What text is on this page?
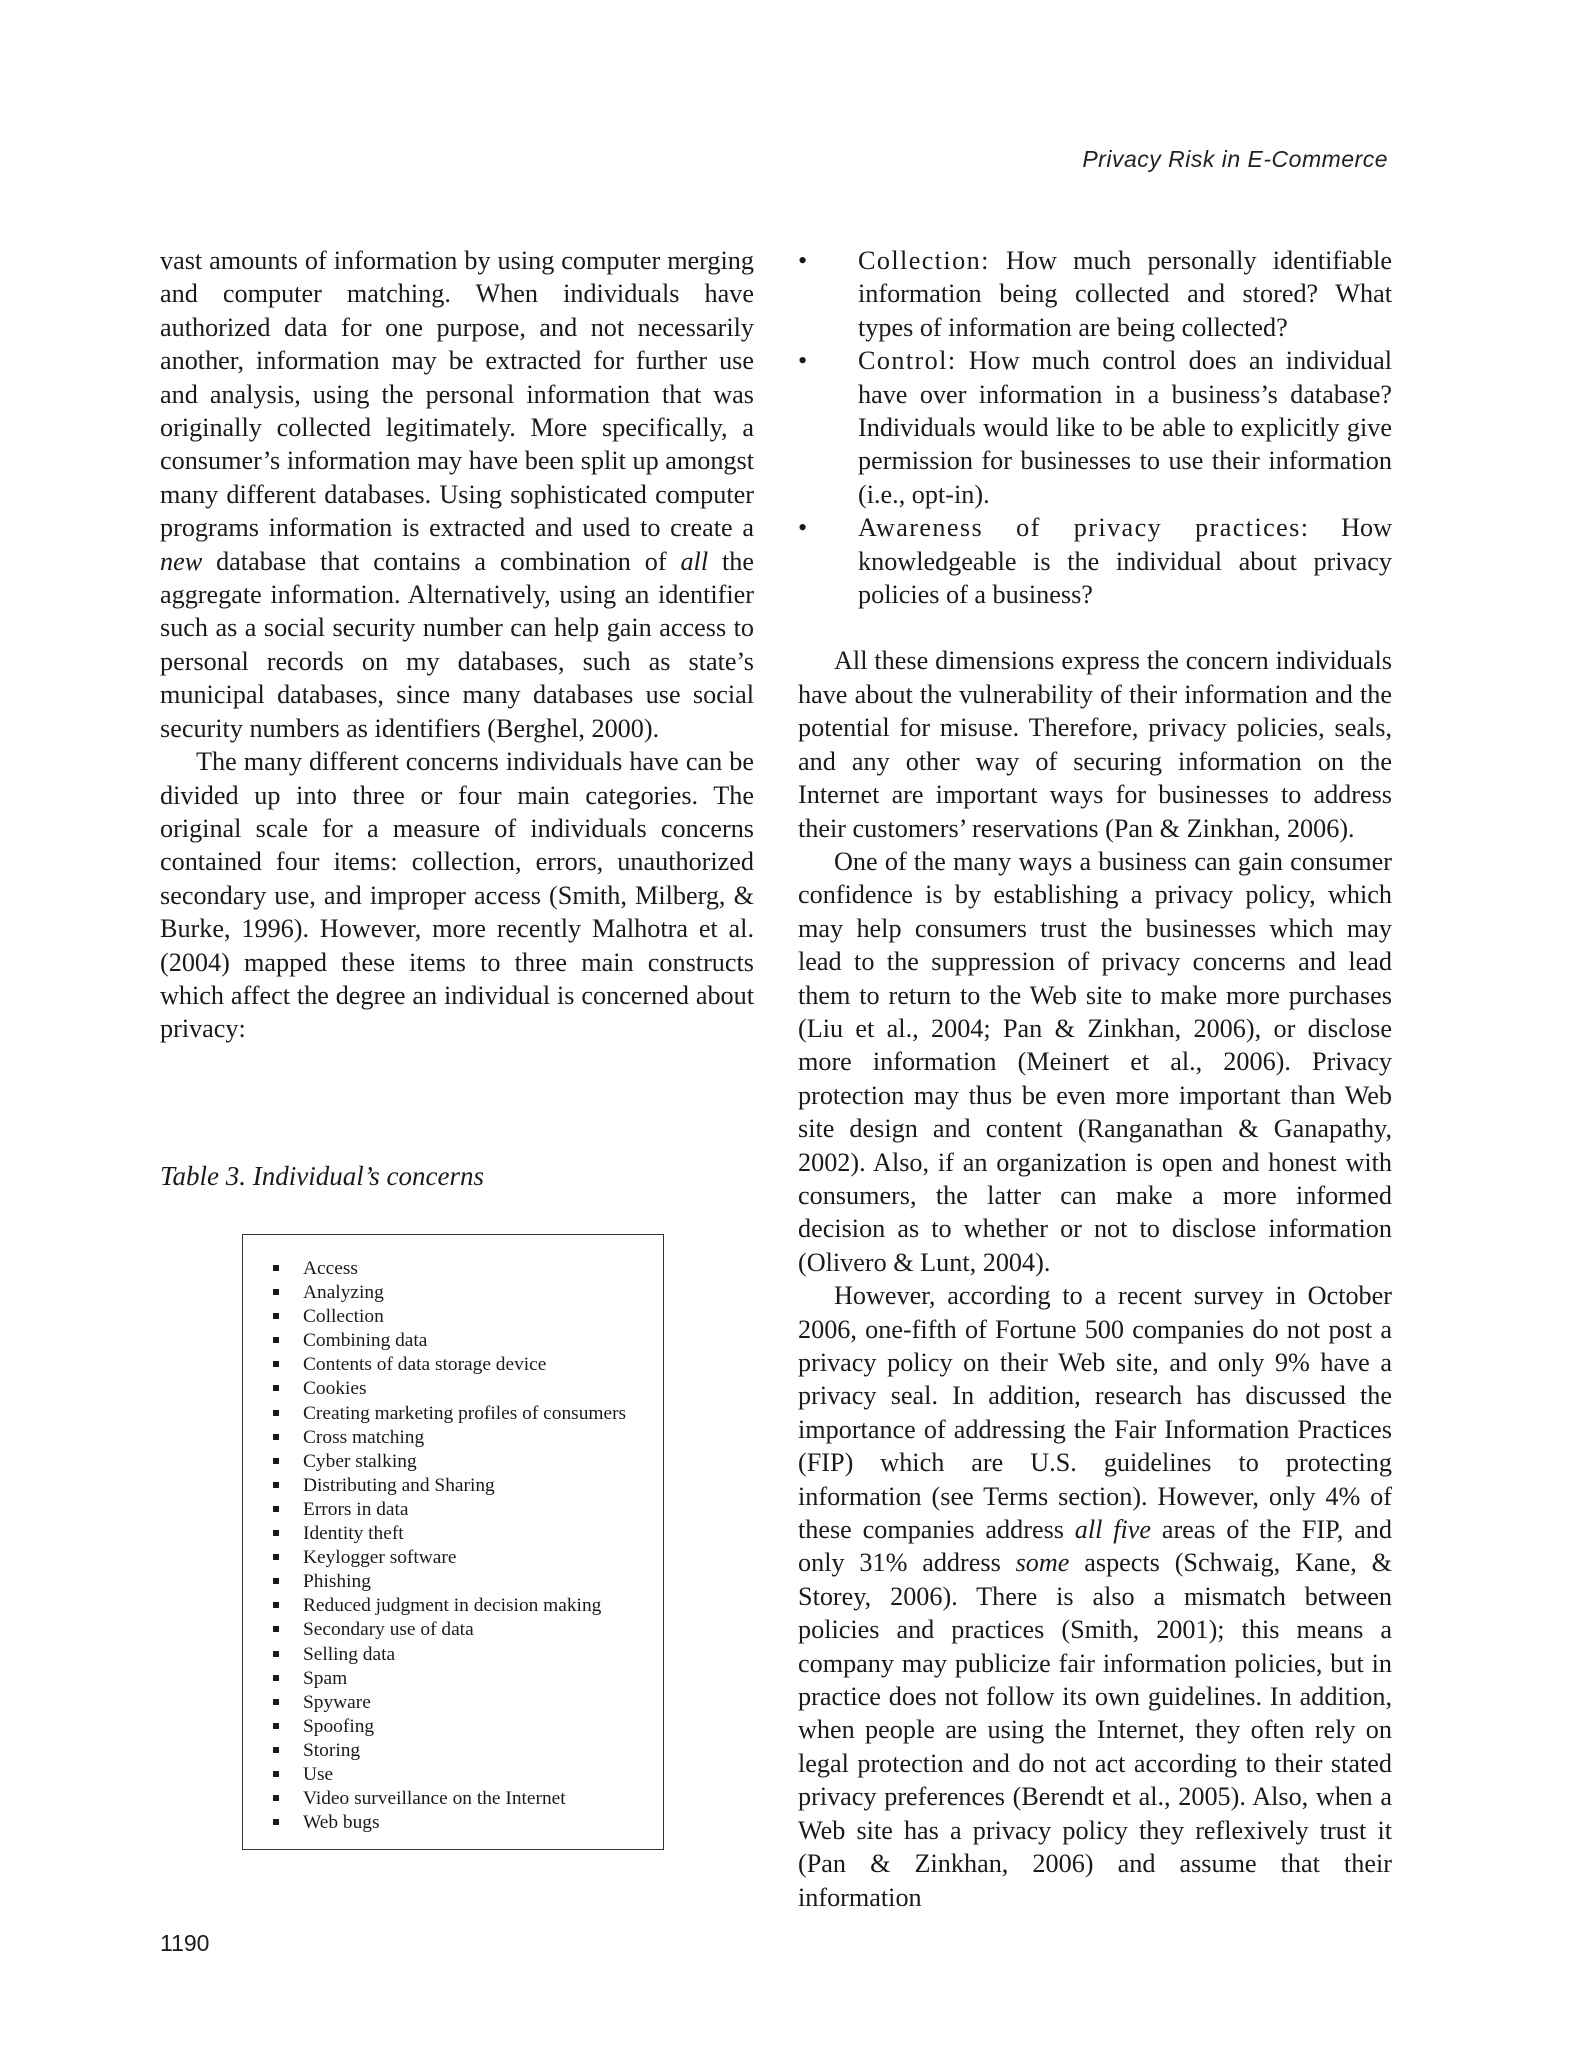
Privacy Risk in E-Commerce

vast amounts of information by using computer merging and computer matching. When individuals have authorized data for one purpose, and not necessarily another, information may be extracted for further use and analysis, using the personal information that was originally collected legitimately. More specifically, a consumer’s information may have been split up amongst many different databases. Using sophisticated computer programs information is extracted and used to create a new database that contains a combination of all the aggregate information. Alternatively, using an identifier such as a social security number can help gain access to personal records on my databases, such as state’s municipal databases, since many databases use social security numbers as identifiers (Berghel, 2000).

The many different concerns individuals have can be divided up into three or four main categories. The original scale for a measure of individuals concerns contained four items: collection, errors, unauthorized secondary use, and improper access (Smith, Milberg, & Burke, 1996). However, more recently Malhotra et al. (2004) mapped these items to three main constructs which affect the degree an individual is concerned about privacy:

Table 3. Individual’s concerns
Access
Analyzing
Collection
Combining data
Contents of data storage device
Cookies
Creating marketing profiles of consumers
Cross matching
Cyber stalking
Distributing and Sharing
Errors in data
Identity theft
Keylogger software
Phishing
Reduced judgment in decision making
Secondary use of data
Selling data
Spam
Spyware
Spoofing
Storing
Use
Video surveillance on the Internet
Web bugs
• Collection: How much personally identifiable information being collected and stored? What types of information are being collected?
• Control: How much control does an individual have over information in a business’s database? Individuals would like to be able to explicitly give permission for businesses to use their information (i.e., opt-in).
• Awareness of privacy practices: How knowledgeable is the individual about privacy policies of a business?

All these dimensions express the concern individuals have about the vulnerability of their information and the potential for misuse. Therefore, privacy policies, seals, and any other way of securing information on the Internet are important ways for businesses to address their customers’ reservations (Pan & Zinkhan, 2006).

One of the many ways a business can gain consumer confidence is by establishing a privacy policy, which may help consumers trust the businesses which may lead to the suppression of privacy concerns and lead them to return to the Web site to make more purchases (Liu et al., 2004; Pan & Zinkhan, 2006), or disclose more information (Meinert et al., 2006). Privacy protection may thus be even more important than Web site design and content (Ranganathan & Ganapathy, 2002). Also, if an organization is open and honest with consumers, the latter can make a more informed decision as to whether or not to disclose information (Olivero & Lunt, 2004).

However, according to a recent survey in October 2006, one-fifth of Fortune 500 companies do not post a privacy policy on their Web site, and only 9% have a privacy seal. In addition, research has discussed the importance of addressing the Fair Information Practices (FIP) which are U.S. guidelines to protecting information (see Terms section). However, only 4% of these companies address all five areas of the FIP, and only 31% address some aspects (Schwaig, Kane, & Storey, 2006). There is also a mismatch between policies and practices (Smith, 2001); this means a company may publicize fair information policies, but in practice does not follow its own guidelines. In addition, when people are using the Internet, they often rely on legal protection and do not act according to their stated privacy preferences (Berendt et al., 2005). Also, when a Web site has a privacy policy they reflexively trust it (Pan & Zinkhan, 2006) and assume that their information

1190
